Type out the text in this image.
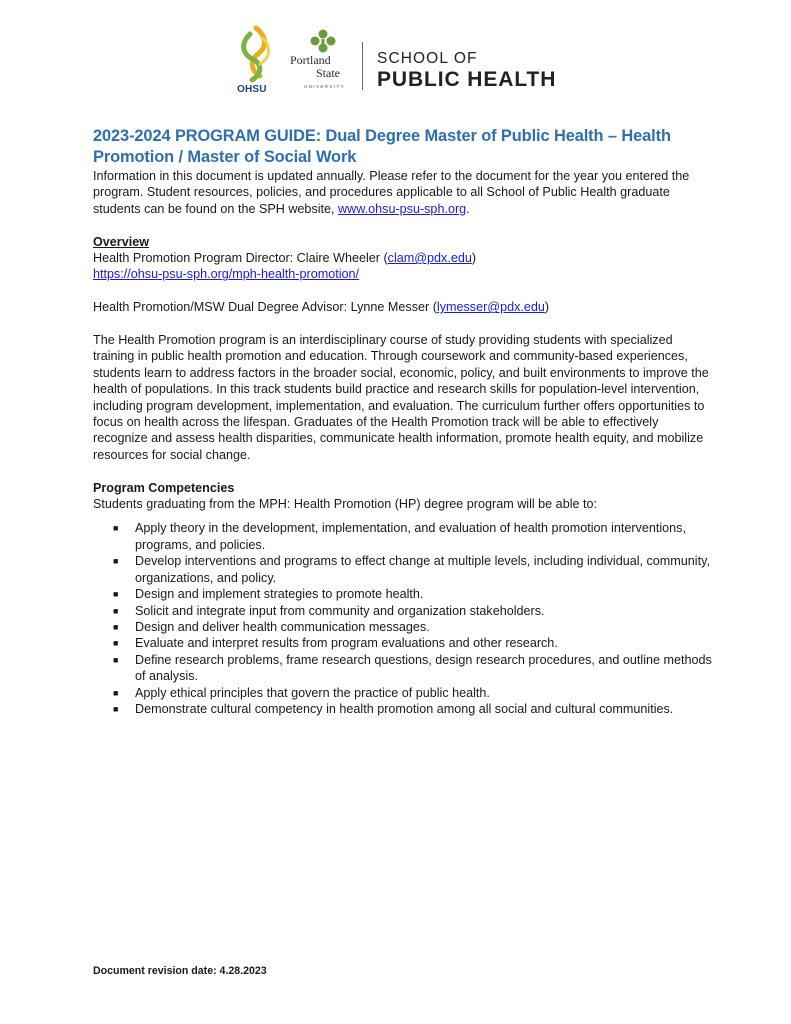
OHSU
Portland
State
UNIVERSITY
SCHOOL OF
PUBLIC HEALTH
2023-2024 PROGRAM GUIDE: Dual Degree Master of Public Health – Health Promotion / Master of Social Work

Information in this document is updated annually. Please refer to the document for the year you entered the program. Student resources, policies, and procedures applicable to all School of Public Health graduate students can be found on the SPH website, www.ohsu-psu-sph.org.

Overview

Health Promotion Program Director: Claire Wheeler (clam@pdx.edu)

https://ohsu-psu-sph.org/mph-health-promotion/

Health Promotion/MSW Dual Degree Advisor: Lynne Messer (lymesser@pdx.edu)

The Health Promotion program is an interdisciplinary course of study providing students with specialized training in public health promotion and education. Through coursework and community-based experiences, students learn to address factors in the broader social, economic, policy, and built environments to improve the health of populations. In this track students build practice and research skills for population-level intervention, including program development, implementation, and evaluation. The curriculum further offers opportunities to focus on health across the lifespan. Graduates of the Health Promotion track will be able to effectively recognize and assess health disparities, communicate health information, promote health equity, and mobilize resources for social change.

Program Competencies

Students graduating from the MPH: Health Promotion (HP) degree program will be able to:

■ Apply theory in the development, implementation, and evaluation of health promotion interventions, programs, and policies.
■ Develop interventions and programs to effect change at multiple levels, including individual, community, organizations, and policy.
■ Design and implement strategies to promote health.
■ Solicit and integrate input from community and organization stakeholders.
■ Design and deliver health communication messages.
■ Evaluate and interpret results from program evaluations and other research.
■ Define research problems, frame research questions, design research procedures, and outline methods of analysis.
■ Apply ethical principles that govern the practice of public health.
■ Demonstrate cultural competency in health promotion among all social and cultural communities.
Document revision date: 4.28.2023
